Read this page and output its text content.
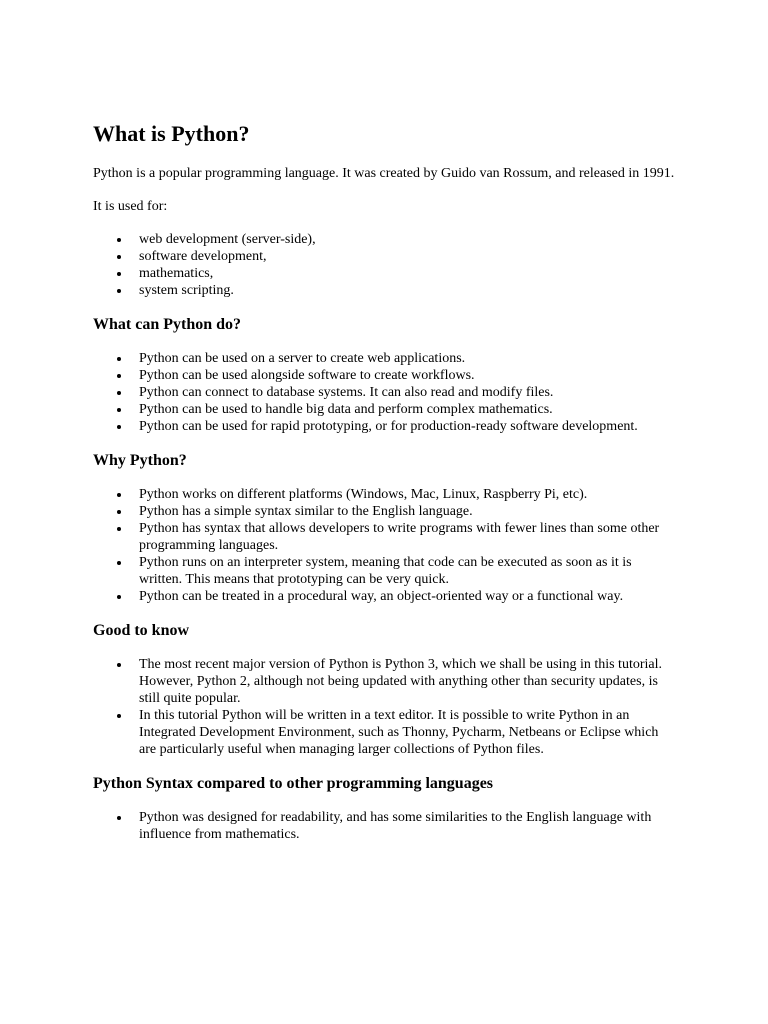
What is Python?

Python is a popular programming language. It was created by Guido van Rossum, and released in 1991.

It is used for:

web development (server-side),
software development,
mathematics,
system scripting.
What can Python do?
Python can be used on a server to create web applications.
Python can be used alongside software to create workflows.
Python can connect to database systems. It can also read and modify files.
Python can be used to handle big data and perform complex mathematics.
Python can be used for rapid prototyping, or for production-ready software development.
Why Python?
Python works on different platforms (Windows, Mac, Linux, Raspberry Pi, etc).
Python has a simple syntax similar to the English language.
Python has syntax that allows developers to write programs with fewer lines than some other programming languages.
Python runs on an interpreter system, meaning that code can be executed as soon as it is written. This means that prototyping can be very quick.
Python can be treated in a procedural way, an object-oriented way or a functional way.
Good to know
The most recent major version of Python is Python 3, which we shall be using in this tutorial. However, Python 2, although not being updated with anything other than security updates, is still quite popular.
In this tutorial Python will be written in a text editor. It is possible to write Python in an Integrated Development Environment, such as Thonny, Pycharm, Netbeans or Eclipse which are particularly useful when managing larger collections of Python files.
Python Syntax compared to other programming languages
Python was designed for readability, and has some similarities to the English language with influence from mathematics.
